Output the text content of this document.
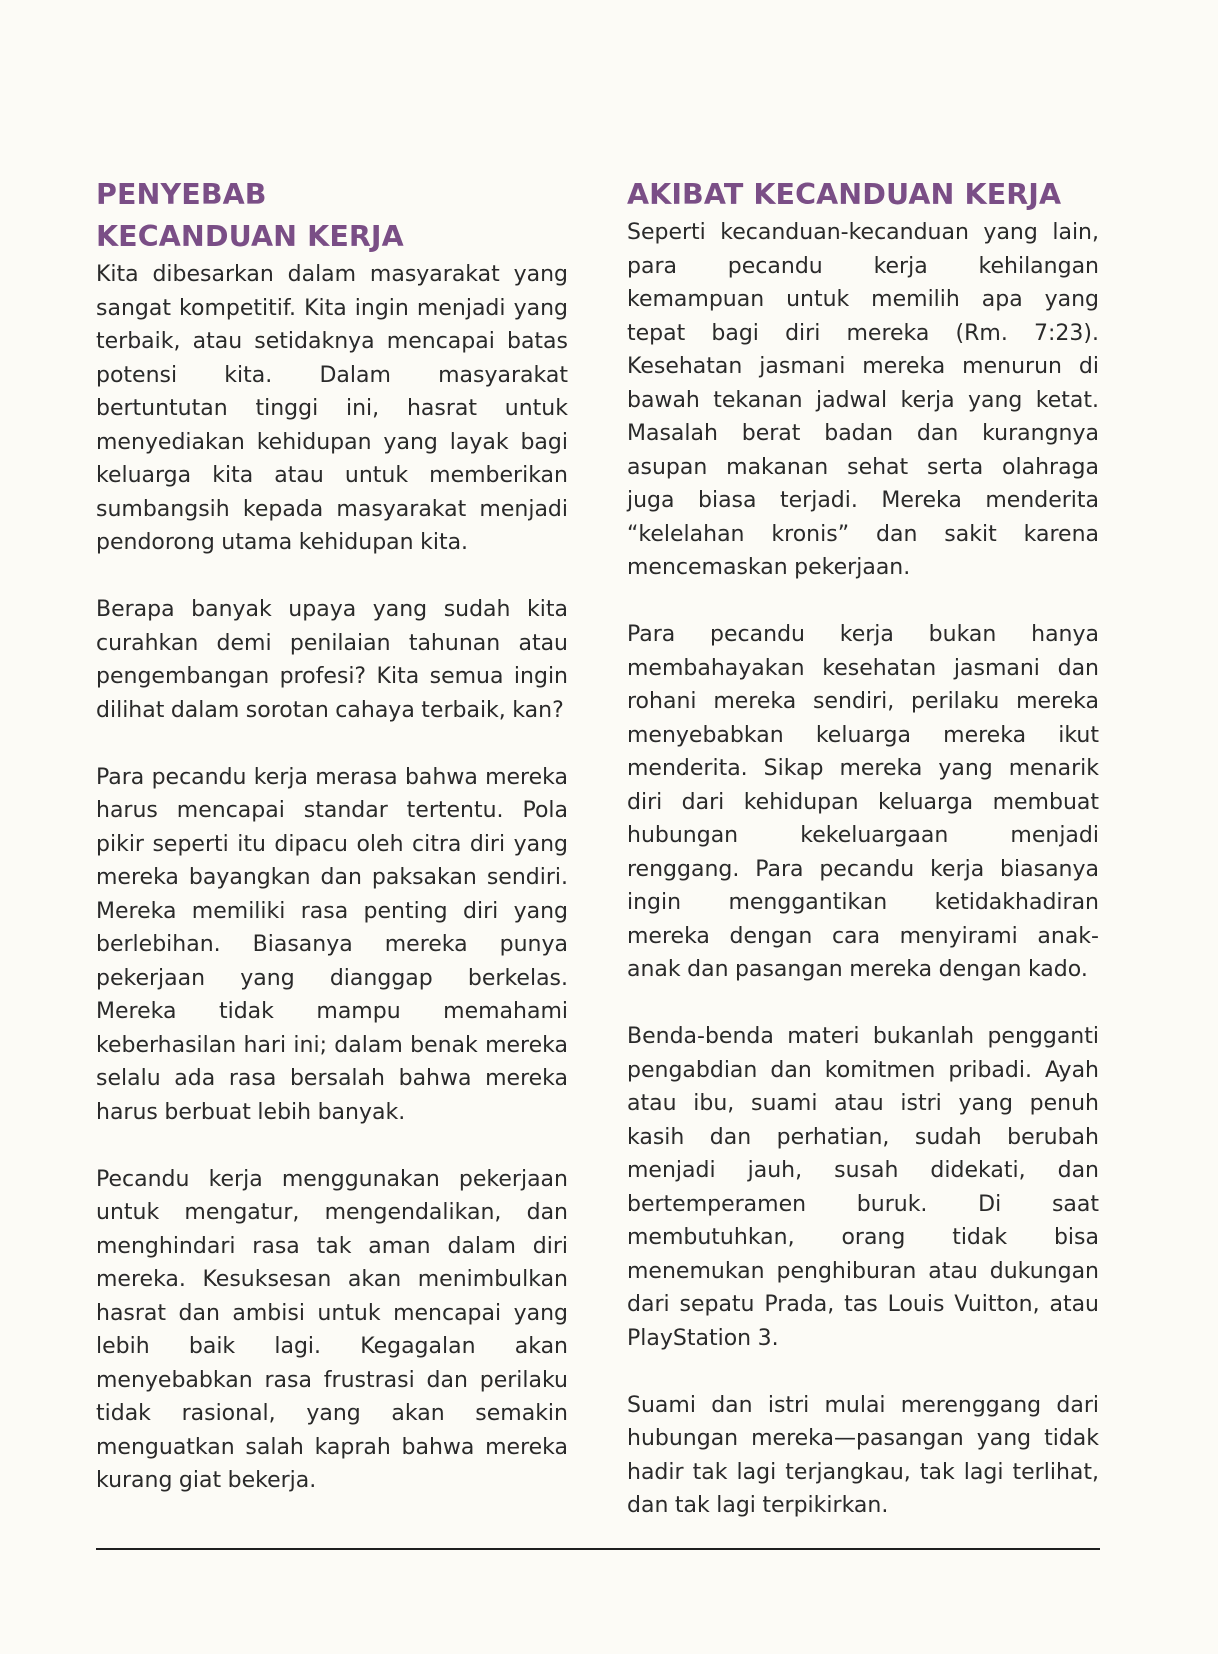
PENYEBAB
KECANDUAN KERJA

Kita dibesarkan dalam masyarakat yang sangat kompetitif. Kita ingin menjadi yang terbaik, atau setidaknya mencapai batas potensi kita. Dalam masyarakat bertuntutan tinggi ini, hasrat untuk menyediakan kehidupan yang layak bagi keluarga kita atau untuk memberikan sumbangsih kepada masyarakat menjadi pendorong utama kehidupan kita.

Berapa banyak upaya yang sudah kita curahkan demi penilaian tahunan atau pengembangan profesi? Kita semua ingin dilihat dalam sorotan cahaya terbaik, kan?

Para pecandu kerja merasa bahwa mereka harus mencapai standar tertentu. Pola pikir seperti itu dipacu oleh citra diri yang mereka bayangkan dan paksakan sendiri. Mereka memiliki rasa penting diri yang berlebihan. Biasanya mereka punya pekerjaan yang dianggap berkelas. Mereka tidak mampu memahami keberhasilan hari ini; dalam benak mereka selalu ada rasa bersalah bahwa mereka harus berbuat lebih banyak.

Pecandu kerja menggunakan pekerjaan untuk mengatur, mengendalikan, dan menghindari rasa tak aman dalam diri mereka. Kesuksesan akan menimbulkan hasrat dan ambisi untuk mencapai yang lebih baik lagi. Kegagalan akan menyebabkan rasa frustrasi dan perilaku tidak rasional, yang akan semakin menguatkan salah kaprah bahwa mereka kurang giat bekerja.

AKIBAT KECANDUAN KERJA

Seperti kecanduan-kecanduan yang lain, para pecandu kerja kehilangan kemampuan untuk memilih apa yang tepat bagi diri mereka (Rm. 7:23). Kesehatan jasmani mereka menurun di bawah tekanan jadwal kerja yang ketat. Masalah berat badan dan kurangnya asupan makanan sehat serta olahraga juga biasa terjadi. Mereka menderita “kelelahan kronis” dan sakit karena mencemaskan pekerjaan.

Para pecandu kerja bukan hanya membahayakan kesehatan jasmani dan rohani mereka sendiri, perilaku mereka menyebabkan keluarga mereka ikut menderita. Sikap mereka yang menarik diri dari kehidupan keluarga membuat hubungan kekeluargaan menjadi renggang. Para pecandu kerja biasanya ingin menggantikan ketidakhadiran mereka dengan cara menyirami anak-anak dan pasangan mereka dengan kado.

Benda-benda materi bukanlah pengganti pengabdian dan komitmen pribadi. Ayah atau ibu, suami atau istri yang penuh kasih dan perhatian, sudah berubah menjadi jauh, susah didekati, dan bertemperamen buruk. Di saat membutuhkan, orang tidak bisa menemukan penghiburan atau dukungan dari sepatu Prada, tas Louis Vuitton, atau PlayStation 3.

Suami dan istri mulai merenggang dari hubungan mereka—pasangan yang tidak hadir tak lagi terjangkau, tak lagi terlihat, dan tak lagi terpikirkan.
